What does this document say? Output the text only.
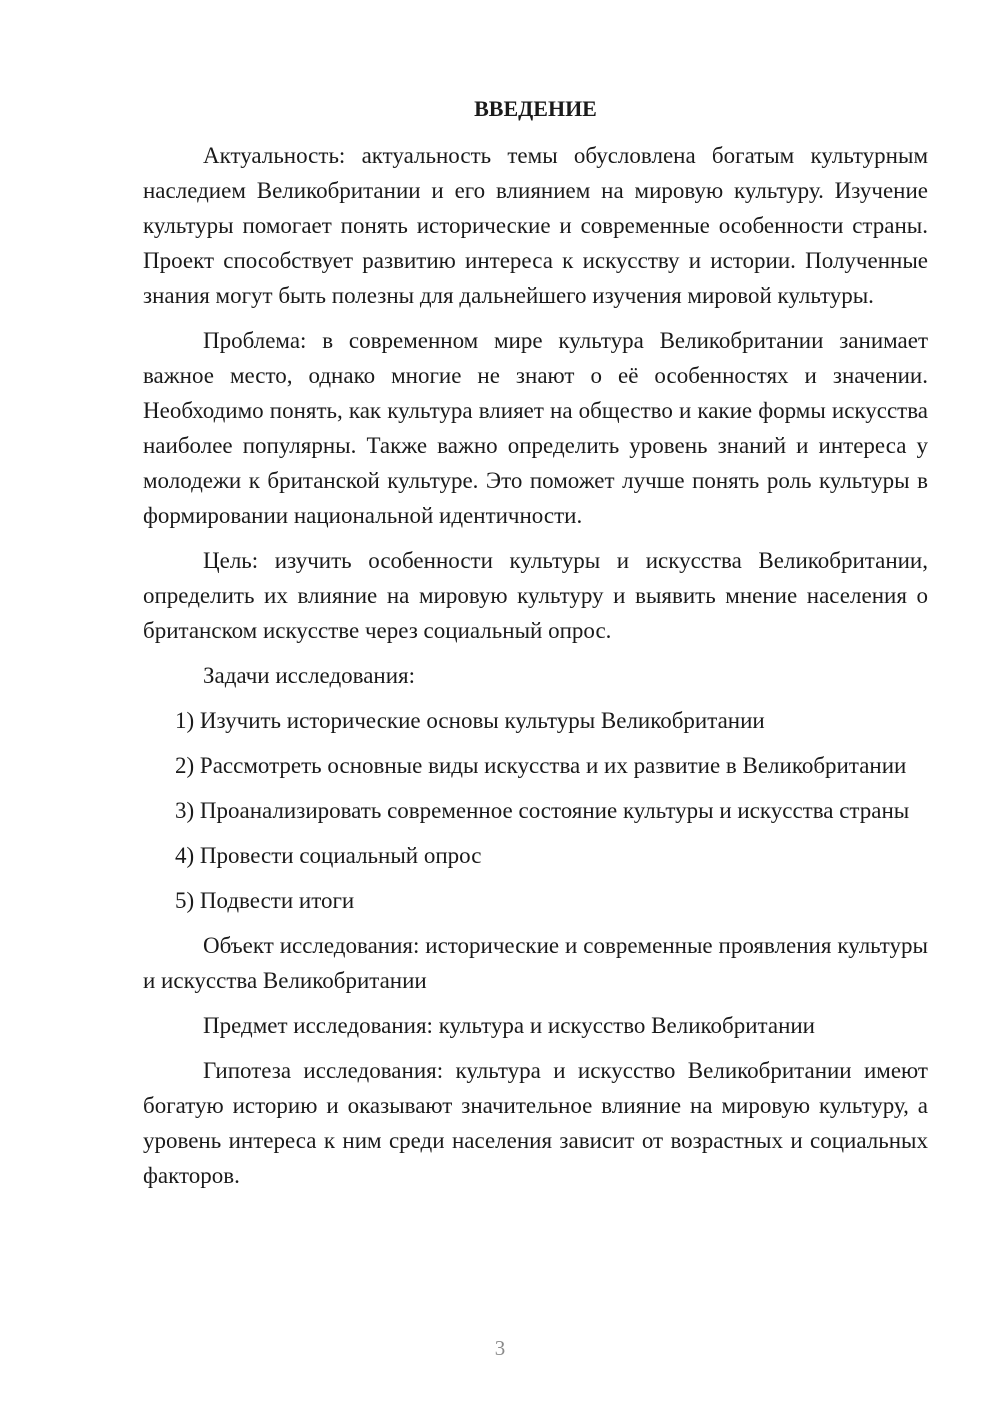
ВВЕДЕНИЕ

Актуальность: актуальность темы обусловлена богатым культурным наследием Великобритании и его влиянием на мировую культуру. Изучение культуры помогает понять исторические и современные особенности страны. Проект способствует развитию интереса к искусству и истории. Полученные знания могут быть полезны для дальнейшего изучения мировой культуры.

Проблема: в современном мире культура Великобритании занимает важное место, однако многие не знают о её особенностях и значении. Необходимо понять, как культура влияет на общество и какие формы искусства наиболее популярны. Также важно определить уровень знаний и интереса у молодежи к британской культуре. Это поможет лучше понять роль культуры в формировании национальной идентичности.

Цель: изучить особенности культуры и искусства Великобритании, определить их влияние на мировую культуру и выявить мнение населения о британском искусстве через социальный опрос.

Задачи исследования:

1) Изучить исторические основы культуры Великобритании

2) Рассмотреть основные виды искусства и их развитие в Великобритании

3) Проанализировать современное состояние культуры и искусства страны

4) Провести социальный опрос

5) Подвести итоги

Объект исследования: исторические и современные проявления культуры и искусства Великобритании

Предмет исследования: культура и искусство Великобритании

Гипотеза исследования: культура и искусство Великобритании имеют богатую историю и оказывают значительное влияние на мировую культуру, а уровень интереса к ним среди населения зависит от возрастных и социальных факторов.

3
